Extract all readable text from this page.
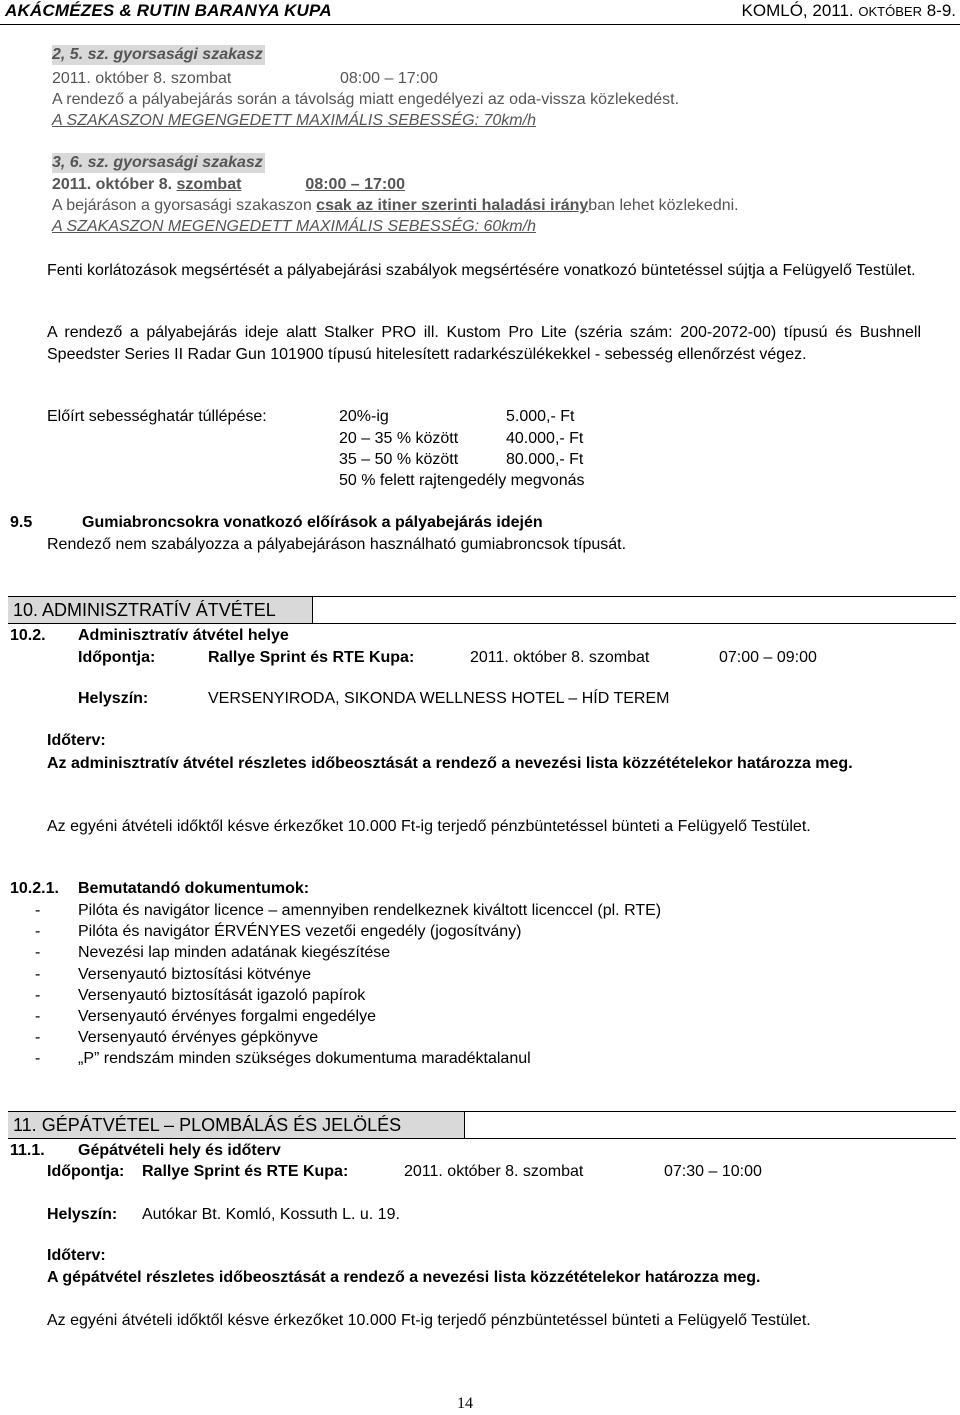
AKÁCMÉZES & RUTIN BARANYA KUPA	KOMLÓ, 2011. OKTÓBER 8-9.
2, 5. sz. gyorsasági szakasz
2011. október 8. szombat	08:00 – 17:00
A rendező a pályabejárás során a távolság miatt engedélyezi az oda-vissza közlekedést.
A SZAKASZON MEGENGEDETT MAXIMÁLIS SEBESSÉG: 70km/h
3, 6. sz. gyorsasági szakasz
2011. október 8. szombat	08:00 – 17:00
A bejáráson a gyorsasági szakaszon csak az itiner szerinti haladási irányban lehet közlekedni.
A SZAKASZON MEGENGEDETT MAXIMÁLIS SEBESSÉG: 60km/h
Fenti korlátozások megsértését a pályabejárási szabályok megsértésére vonatkozó büntetéssel sújtja a Felügyelő Testület.
A rendező a pályabejárás ideje alatt Stalker PRO ill. Kustom Pro Lite (széria szám: 200-2072-00) típusú és Bushnell Speedster Series II Radar Gun 101900 típusú hitelesített radarkészülékekkel - sebesség ellenőrzést végez.
Előírt sebességhatár túllépése:	20%-ig	5.000,- Ft
20 – 35 % között	40.000,- Ft
35 – 50 % között	80.000,- Ft
50 % felett rajtengedély megvonás
9.5	Gumiabroncsokra vonatkozó előírások a pályabejárás idején
Rendező nem szabályozza a pályabejáráson használható gumiabroncsok típusát.
10. ADMINISZTRATÍV ÁTVÉTEL
10.2. Adminisztratív átvétel helye
Időpontja:	Rallye Sprint és RTE Kupa:	2011. október 8. szombat	07:00 – 09:00
Helyszín:	VERSENYIRODA, SIKONDA WELLNESS HOTEL – HÍD TEREM
Időterv:
Az adminisztratív átvétel részletes időbeosztását a rendező a nevezési lista közzétételekor határozza meg.
Az egyéni átvételi időktől késve érkezőket 10.000 Ft-ig terjedő pénzbüntetéssel bünteti a Felügyelő Testület.
10.2.1. Bemutatandó dokumentumok:
- Pilóta és navigátor licence – amennyiben rendelkeznek kiváltott licenccel (pl. RTE)
- Pilóta és navigátor ÉRVÉNYES vezetői engedély (jogosítvány)
- Nevezési lap minden adatának kiegészítése
- Versenyautó biztosítási kötvénye
- Versenyautó biztosítását igazoló papírok
- Versenyautó érvényes forgalmi engedélye
- Versenyautó érvényes gépkönyve
- „P” rendszám minden szükséges dokumentuma maradéktalanul
11. GÉPÁTVÉTEL – PLOMBÁLÁS ÉS JELÖLÉS
11.1. Gépátvételi hely és időterv
Időpontja: Rallye Sprint és RTE Kupa:	2011. október 8. szombat	07:30 – 10:00
Helyszín: Autókar Bt. Komló, Kossuth L. u. 19.
Időterv:
A gépátvétel részletes időbeosztását a rendező a nevezési lista közzétételekor határozza meg.
Az egyéni átvételi időktől késve érkezőket 10.000 Ft-ig terjedő pénzbüntetéssel bünteti a Felügyelő Testület.
14
